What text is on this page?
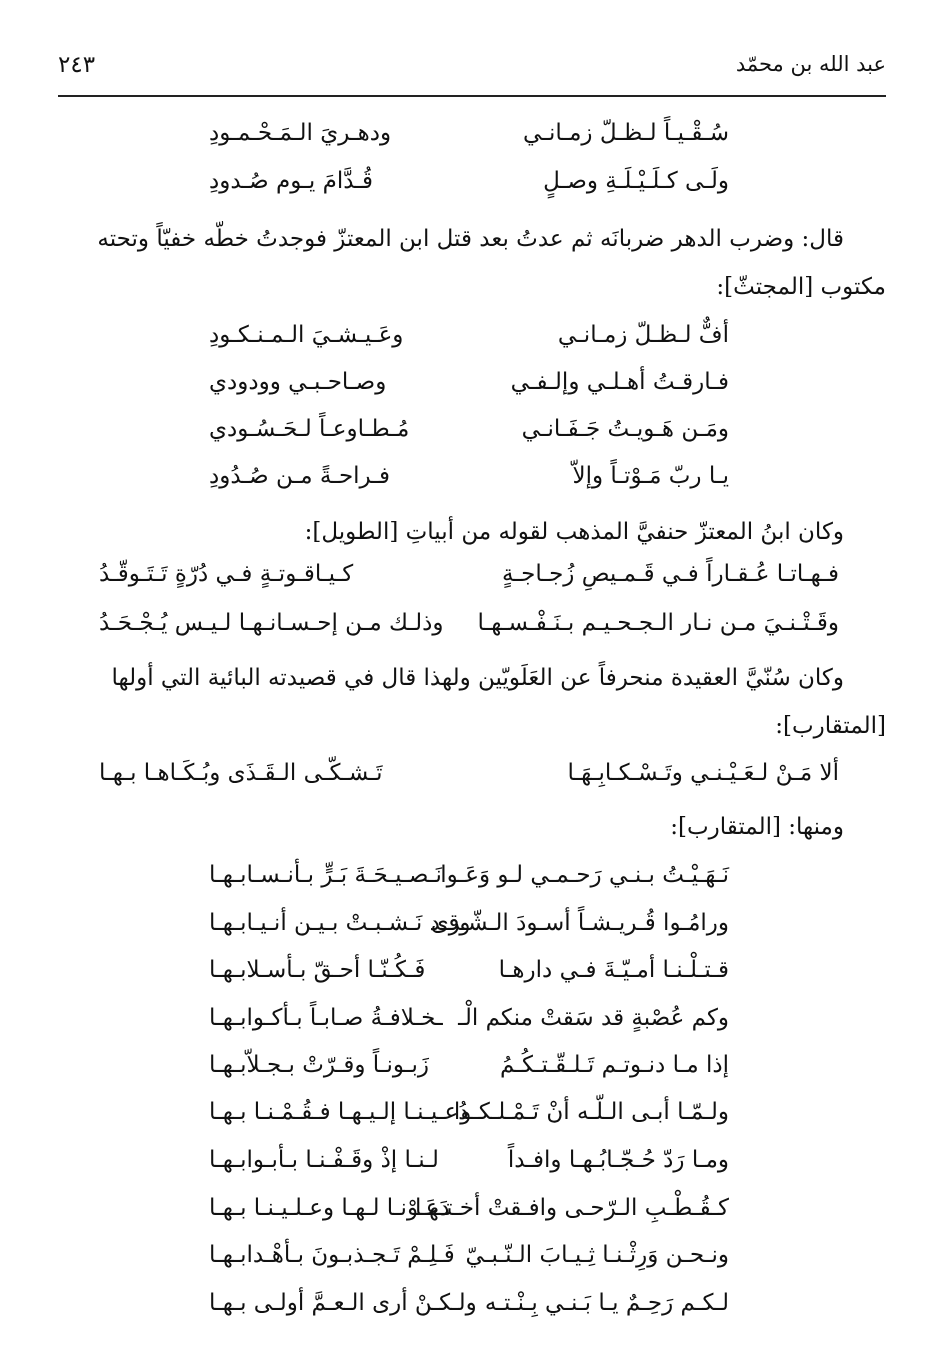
عبد الله بن محمّد
٢٤٣
سُـقْـيـاً لـظـلّ زمـانـي
ودهـريَ الـمَـحْـمـودِ
ولَـى كـلَـيْـلَـةِ وصـلٍ
قُـدَّامَ يـوم صُـدودِ
قال: وضرب الدهر ضربانَه ثم عدتُ بعد قتل ابن المعتزّ فوجدتُ خطّه خفيّاً وتحته
مكتوب [المجتثّ]:
أفٌّ لـظـلّ زمـانـي
وعَـيـشـيَ الـمـنـكـودِ
فـارقـتُ أهـلـي وإلـفـي
وصـاحـبـي وودودي
ومَـن هَـويـتُ جَـفَـانـي
مُـطـاوعـاً لـحَـسُـودي
يـا ربّ مَـوْتـاً وإلاّ
فـراحـةً مـن صُـدُودِ
وكان ابنُ المعتزّ حنفيَّ المذهب لقوله من أبياتِ [الطويل]:
فـهـاتـا عُـقـاراً فـي قَـمـيصِ زُجـاجـةٍ
كـيـاقـوتـةٍ فـي دُرّةٍ تَـتَـوقّـدُ
وقَـتْـنـيَ مـن نـار الـجـحـيـم بـنَـفْـسـهـا
وذلـك مـن إحـسـانـهـا لـيـس يُـجْـحَـدُ
وكان سُنّيَّ العقيدة منحرفاً عن العَلَويّين ولهذا قال في قصيدته البائية التي أولها
[المتقارب]:
ألا مَـنْ لـعَـيْـنـي وتَـسْـكـابِـهَـا
تَـشـكّـى الـقَـذَى وبُـكَـاهـا بـهـا
ومنها: [المتقارب]:
نَـهَـيْـتُ بـنـي رَحـمـي لـو وَعَـوا
نَـصـيـحَـةَ بَـرٍّ بـأنـسـابـهـا
ورامُـوا قُـريـشـاً أسـودَ الـشّـرى
وقـد نَـشـبـتْ بـيـن أنـيـابـهـا
قـتـلْـنـا أمـيّـةَ فـي دارهـا
فَـكُـنّـا أحـقّ بـأسـلابـهـا
وكم عُصْبةٍ قد سَقتْ منكم الْـ
ـخـلافـةُ صـابـاً بـأكـوابـهـا
إذا مـا دنـوتـم تَـلـقّـتـكُـمُ
زَبـونـاً وقـرّتْ بـجـلاّبـهـا
ولـمّـا أبـى الـلّـه أنْ تَـمْـلـكـوا
دُعـيـنـا إلـيـهـا فـقُـمْـنـا بـهـا
ومـا رَدّ حُـجّـابُـهـا وافـداً
لـنـا إذْ وقَـفْـنـا بـأبـوابـهـا
كـقُـطْـبِ الـرّحـى وافـقتْ أخـتـهـا
دَعَـوْنـا لـهـا وعـلـيـنـا بـهـا
ونـحـن وَرِثْـنـا ثِـيـابَ الـنّـبـيّ
فَـلِـمْ تَـجـذبـونَ بـأهْـدابـهـا
لـكـم رَحِـمٌ يـا بَـنـي بِـنْـتـه
ولـكـنْ أرى الـعـمَّ أولـى بـهـا
